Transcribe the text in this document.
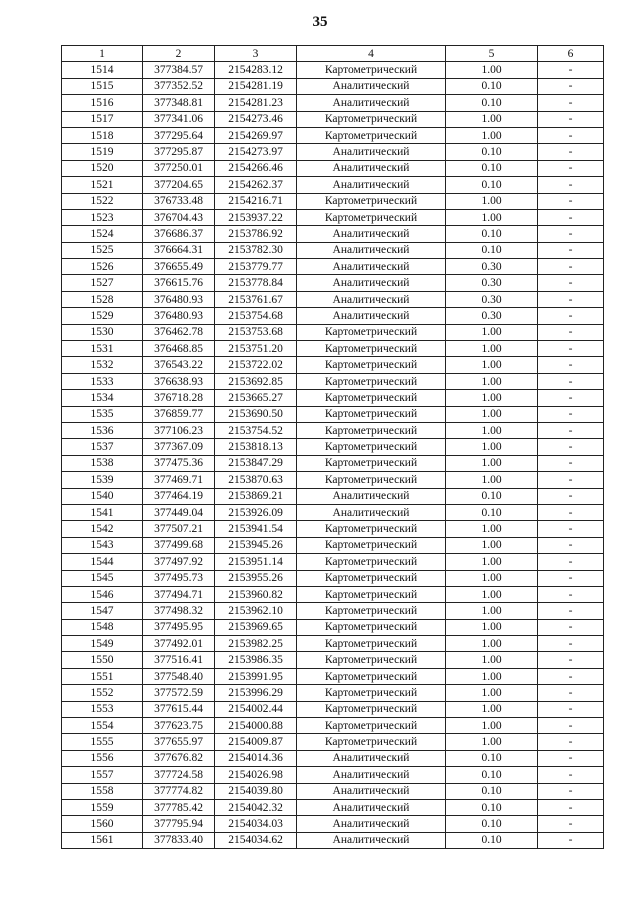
35
1	2	3	4	5	6
1514	377384.57	2154283.12	Картометрический	1.00	-
1515	377352.52	2154281.19	Аналитический	0.10	-
1516	377348.81	2154281.23	Аналитический	0.10	-
1517	377341.06	2154273.46	Картометрический	1.00	-
1518	377295.64	2154269.97	Картометрический	1.00	-
1519	377295.87	2154273.97	Аналитический	0.10	-
1520	377250.01	2154266.46	Аналитический	0.10	-
1521	377204.65	2154262.37	Аналитический	0.10	-
1522	376733.48	2154216.71	Картометрический	1.00	-
1523	376704.43	2153937.22	Картометрический	1.00	-
1524	376686.37	2153786.92	Аналитический	0.10	-
1525	376664.31	2153782.30	Аналитический	0.10	-
1526	376655.49	2153779.77	Аналитический	0.30	-
1527	376615.76	2153778.84	Аналитический	0.30	-
1528	376480.93	2153761.67	Аналитический	0.30	-
1529	376480.93	2153754.68	Аналитический	0.30	-
1530	376462.78	2153753.68	Картометрический	1.00	-
1531	376468.85	2153751.20	Картометрический	1.00	-
1532	376543.22	2153722.02	Картометрический	1.00	-
1533	376638.93	2153692.85	Картометрический	1.00	-
1534	376718.28	2153665.27	Картометрический	1.00	-
1535	376859.77	2153690.50	Картометрический	1.00	-
1536	377106.23	2153754.52	Картометрический	1.00	-
1537	377367.09	2153818.13	Картометрический	1.00	-
1538	377475.36	2153847.29	Картометрический	1.00	-
1539	377469.71	2153870.63	Картометрический	1.00	-
1540	377464.19	2153869.21	Аналитический	0.10	-
1541	377449.04	2153926.09	Аналитический	0.10	-
1542	377507.21	2153941.54	Картометрический	1.00	-
1543	377499.68	2153945.26	Картометрический	1.00	-
1544	377497.92	2153951.14	Картометрический	1.00	-
1545	377495.73	2153955.26	Картометрический	1.00	-
1546	377494.71	2153960.82	Картометрический	1.00	-
1547	377498.32	2153962.10	Картометрический	1.00	-
1548	377495.95	2153969.65	Картометрический	1.00	-
1549	377492.01	2153982.25	Картометрический	1.00	-
1550	377516.41	2153986.35	Картометрический	1.00	-
1551	377548.40	2153991.95	Картометрический	1.00	-
1552	377572.59	2153996.29	Картометрический	1.00	-
1553	377615.44	2154002.44	Картометрический	1.00	-
1554	377623.75	2154000.88	Картометрический	1.00	-
1555	377655.97	2154009.87	Картометрический	1.00	-
1556	377676.82	2154014.36	Аналитический	0.10	-
1557	377724.58	2154026.98	Аналитический	0.10	-
1558	377774.82	2154039.80	Аналитический	0.10	-
1559	377785.42	2154042.32	Аналитический	0.10	-
1560	377795.94	2154034.03	Аналитический	0.10	-
1561	377833.40	2154034.62	Аналитический	0.10	-
